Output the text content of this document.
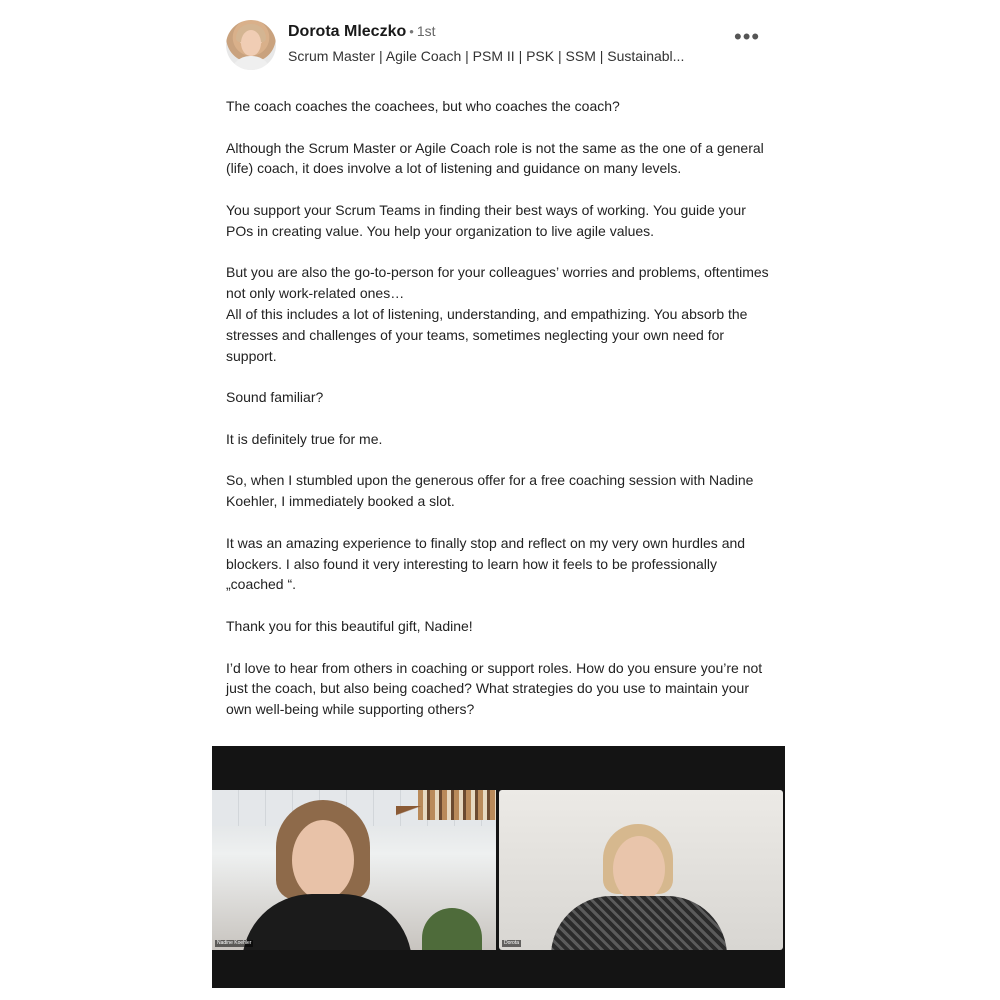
Dorota Mleczko • 1st
Scrum Master | Agile Coach | PSM II | PSK | SSM | Sustainabl...
•••

The coach coaches the coachees, but who coaches the coach?

Although the Scrum Master or Agile Coach role is not the same as the one of a general (life) coach, it does involve a lot of listening and guidance on many levels.

You support your Scrum Teams in finding their best ways of working. You guide your POs in creating value. You help your organization to live agile values.

But you are also the go-to-person for your colleagues’ worries and problems, oftentimes not only work-related ones…
All of this includes a lot of listening, understanding, and empathizing. You absorb the stresses and challenges of your teams, sometimes neglecting your own need for support.

Sound familiar?

It is definitely true for me.

So, when I stumbled upon the generous offer for a free coaching session with Nadine Koehler, I immediately booked a slot.

It was an amazing experience to finally stop and reflect on my very own hurdles and blockers. I also found it very interesting to learn how it feels to be professionally „coached “.

Thank you for this beautiful gift, Nadine!

I’d love to hear from others in coaching or support roles. How do you ensure you’re not just the coach, but also being coached? What strategies do you use to maintain your own well-being while supporting others?

Nadine Koehler	Dorota
